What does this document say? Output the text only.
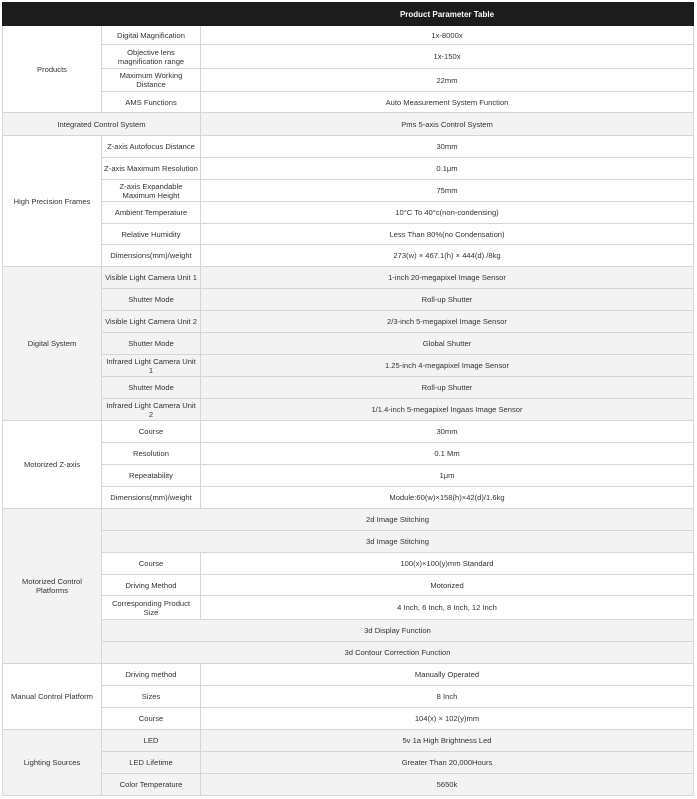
		Product Parameter Table
Products	Digital Magnification	1x-8000x
	Objective lens magnification range	1x-150x
	Maximum Working Distance	22mm
	AMS Functions	Auto Measurement System Function
Integrated Control System		Pms 5-axis Control System
High Precision Frames	Z-axis Autofocus Distance	30mm
	Z-axis Maximum Resolution	0.1μm
	Z-axis Expandable Maximum Height	75mm
	Ambient Temperature	10°C To 40°c(non-condensing)
	Relative Humidity	Less Than 80%(no Condensation)
	Dimensions(mm)/weight	273(w) × 467.1(h) × 444(d) /8kg
Digital System	Visible Light Camera Unit 1	1-inch 20-megapixel Image Sensor
	Shutter Mode	Roll-up Shutter
	Visible Light Camera Unit 2	2/3-inch 5-megapixel Image Sensor
	Shutter Mode	Global Shutter
	Infrared Light Camera Unit 1	1.25-inch 4-megapixel Image Sensor
	Shutter Mode	Roll-up Shutter
	Infrared Light Camera Unit 2	1/1.4-inch 5-megapixel Ingaas Image Sensor
Motorized Z-axis	Course	30mm
	Resolution	0.1 Mm
	Repeatability	1μm
	Dimensions(mm)/weight	Module:60(w)×158(h)×42(d)/1.6kg
Motorized Control Platforms	2d Image Stitching	
	3d Image Stitching	
	Course	100(x)×100(y)mm Standard
	Driving Method	Motorized
	Corresponding Product Size	4 Inch, 6 Inch, 8 Inch, 12 Inch
	3d Display Function	
	3d Contour Correction Function	
Manual Control Platform	Driving method	Manually Operated
	Sizes	8 Inch
	Course	104(x) × 102(y)mm
Lighting Sources	LED	5v 1a High Brightness Led
	LED Lifetime	Greater Than 20,000Hours
	Color Temperature	5650k
